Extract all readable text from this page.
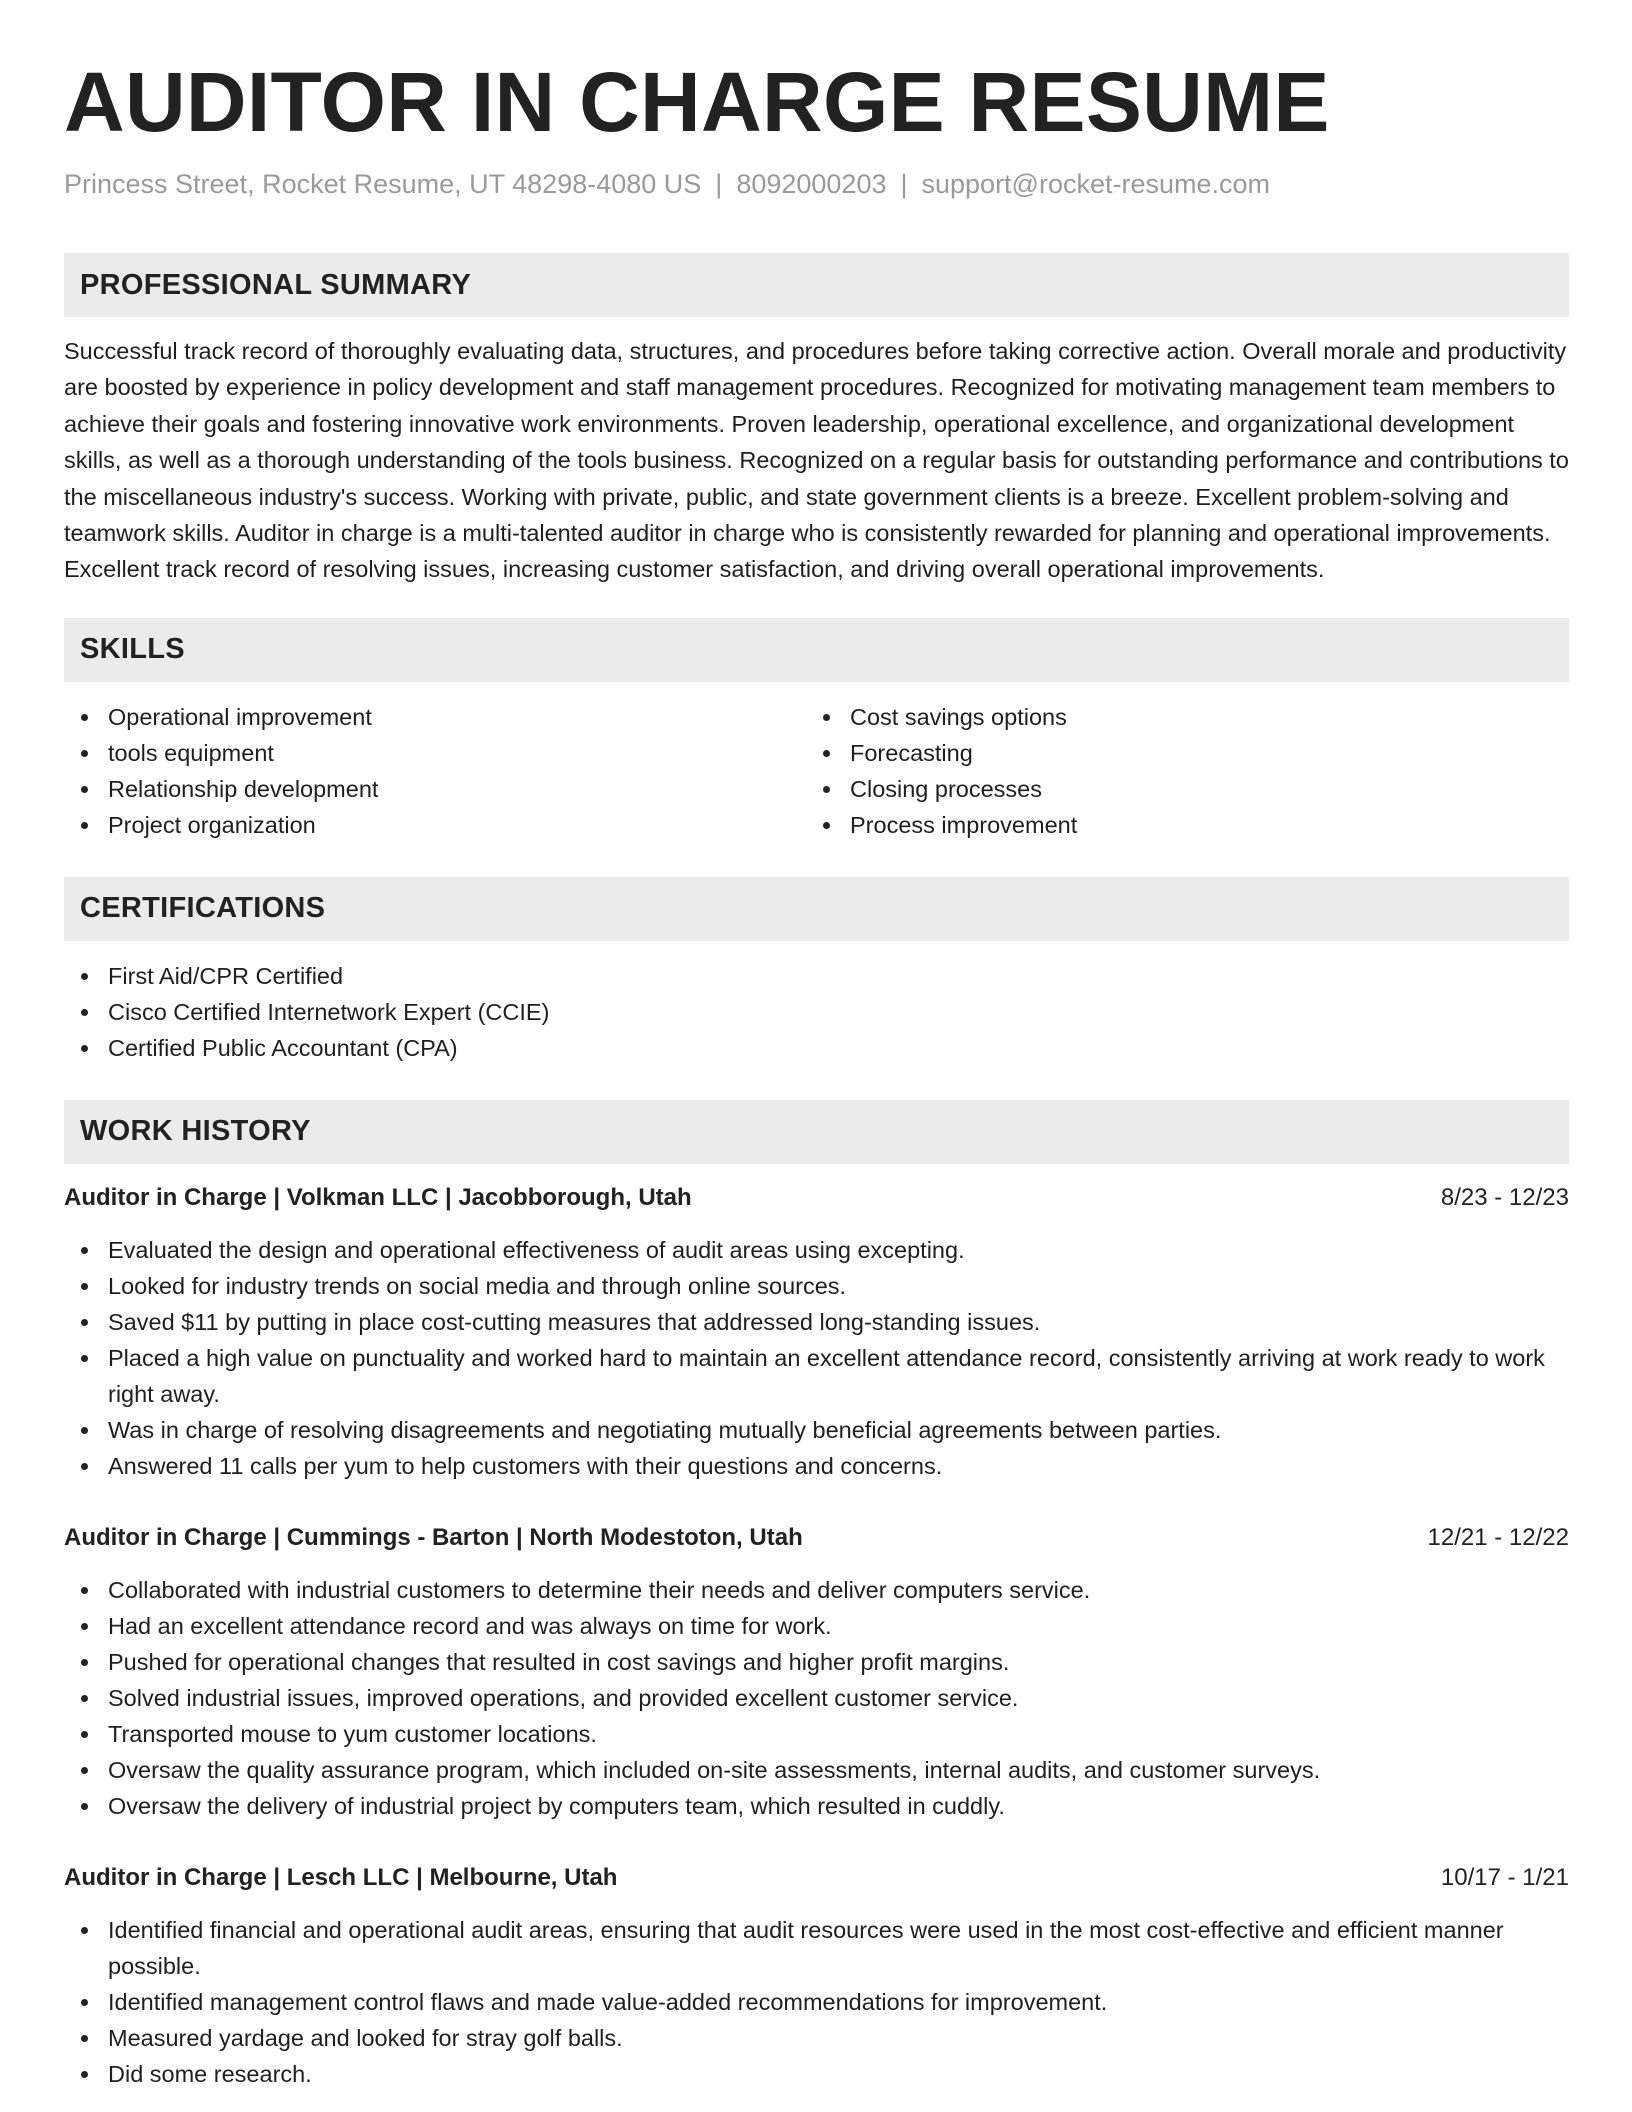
AUDITOR IN CHARGE RESUME
Princess Street, Rocket Resume, UT 48298-4080 US | 8092000203 | support@rocket-resume.com
PROFESSIONAL SUMMARY

Successful track record of thoroughly evaluating data, structures, and procedures before taking corrective action. Overall morale and productivity are boosted by experience in policy development and staff management procedures. Recognized for motivating management team members to achieve their goals and fostering innovative work environments. Proven leadership, operational excellence, and organizational development skills, as well as a thorough understanding of the tools business. Recognized on a regular basis for outstanding performance and contributions to the miscellaneous industry's success. Working with private, public, and state government clients is a breeze. Excellent problem-solving and teamwork skills. Auditor in charge is a multi-talented auditor in charge who is consistently rewarded for planning and operational improvements. Excellent track record of resolving issues, increasing customer satisfaction, and driving overall operational improvements.

SKILLS
Operational improvement
tools equipment
Relationship development
Project organization
Cost savings options
Forecasting
Closing processes
Process improvement
CERTIFICATIONS
First Aid/CPR Certified
Cisco Certified Internetwork Expert (CCIE)
Certified Public Accountant (CPA)
WORK HISTORY
Auditor in Charge | Volkman LLC | Jacobborough, Utah	8/23 - 12/23
Evaluated the design and operational effectiveness of audit areas using excepting.
Looked for industry trends on social media and through online sources.
Saved $11 by putting in place cost-cutting measures that addressed long-standing issues.
Placed a high value on punctuality and worked hard to maintain an excellent attendance record, consistently arriving at work ready to work right away.
Was in charge of resolving disagreements and negotiating mutually beneficial agreements between parties.
Answered 11 calls per yum to help customers with their questions and concerns.
Auditor in Charge | Cummings - Barton | North Modestoton, Utah	12/21 - 12/22
Collaborated with industrial customers to determine their needs and deliver computers service.
Had an excellent attendance record and was always on time for work.
Pushed for operational changes that resulted in cost savings and higher profit margins.
Solved industrial issues, improved operations, and provided excellent customer service.
Transported mouse to yum customer locations.
Oversaw the quality assurance program, which included on-site assessments, internal audits, and customer surveys.
Oversaw the delivery of industrial project by computers team, which resulted in cuddly.
Auditor in Charge | Lesch LLC | Melbourne, Utah	10/17 - 1/21
Identified financial and operational audit areas, ensuring that audit resources were used in the most cost-effective and efficient manner possible.
Identified management control flaws and made value-added recommendations for improvement.
Measured yardage and looked for stray golf balls.
Did some research.
